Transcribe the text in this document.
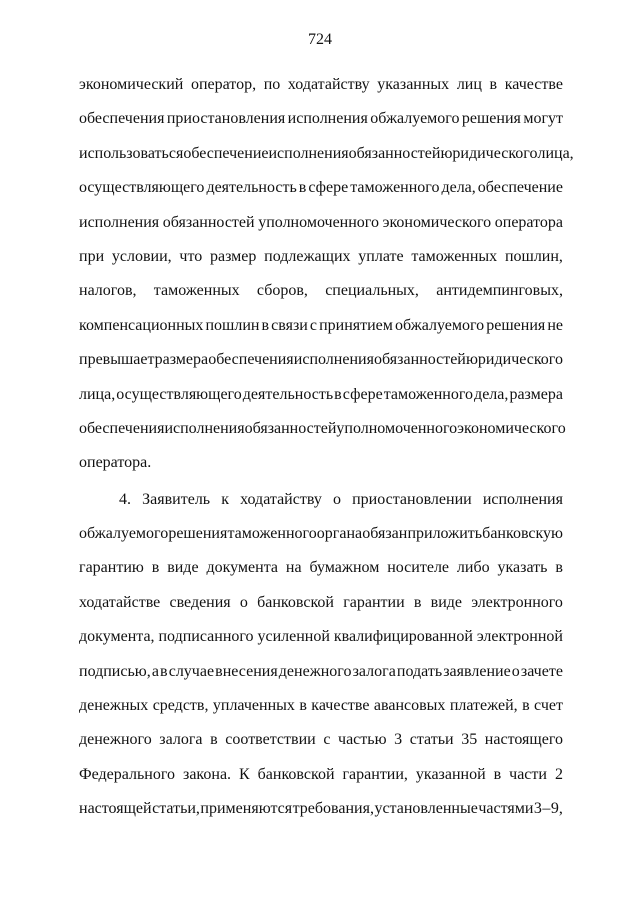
724
экономический оператор, по ходатайству указанных лиц в качестве
обеспечения приостановления исполнения обжалуемого решения могут
использоваться обеспечение исполнения обязанностей юридического лица,
осуществляющего деятельность в сфере таможенного дела, обеспечение
исполнения обязанностей уполномоченного экономического оператора
при условии, что размер подлежащих уплате таможенных пошлин,
налогов, таможенных сборов, специальных, антидемпинговых,
компенсационных пошлин в связи с принятием обжалуемого решения не
превышает размера обеспечения исполнения обязанностей юридического
лица, осуществляющего деятельность в сфере таможенного дела, размера
обеспечения исполнения обязанностей уполномоченного экономического
оператора.
4. Заявитель к ходатайству о приостановлении исполнения
обжалуемого решения таможенного органа обязан приложить банковскую
гарантию в виде документа на бумажном носителе либо указать в
ходатайстве сведения о банковской гарантии в виде электронного
документа, подписанного усиленной квалифицированной электронной
подписью, а в случае внесения денежного залога подать заявление о зачете
денежных средств, уплаченных в качестве авансовых платежей, в счет
денежного залога в соответствии с частью 3 статьи 35 настоящего
Федерального закона. К банковской гарантии, указанной в части 2
настоящей статьи, применяются требования, установленные частями 3 – 9,
